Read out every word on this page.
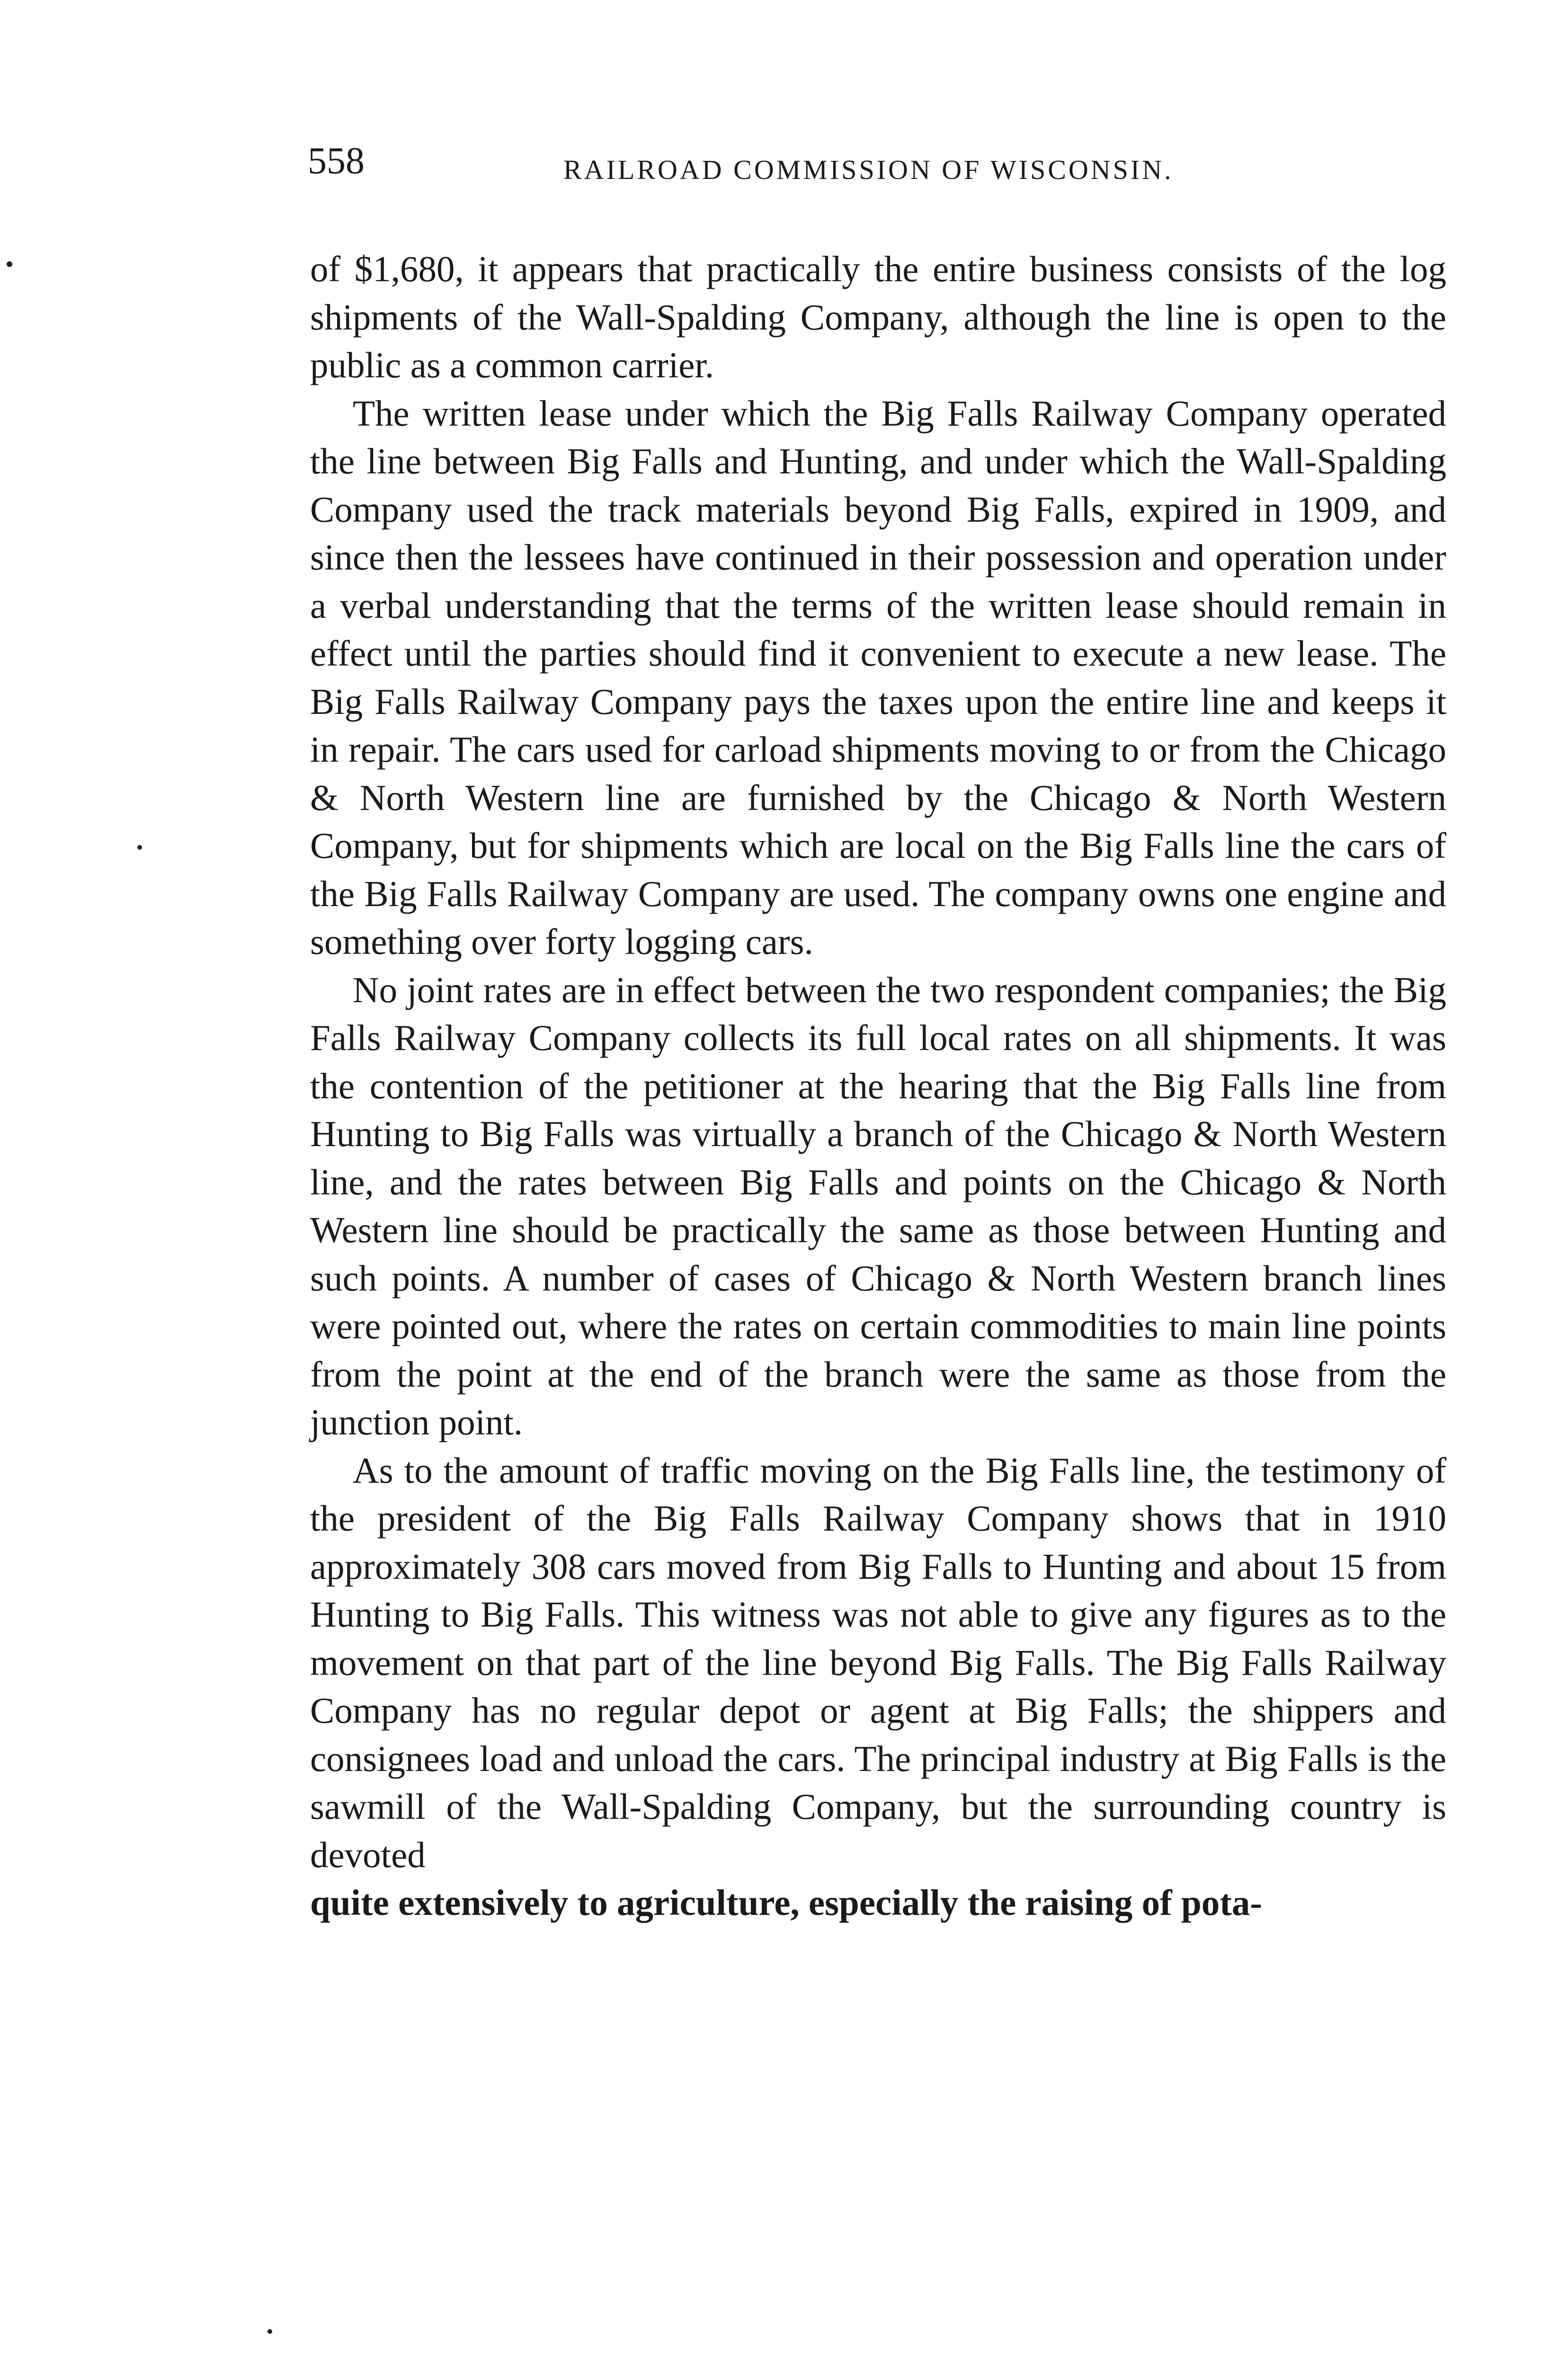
558	RAILROAD COMMISSION OF WISCONSIN.

of $1,680, it appears that practically the entire business consists of the log shipments of the Wall-Spalding Company, although the line is open to the public as a common carrier.

The written lease under which the Big Falls Railway Company operated the line between Big Falls and Hunting, and under which the Wall-Spalding Company used the track materials beyond Big Falls, expired in 1909, and since then the lessees have continued in their possession and operation under a verbal understanding that the terms of the written lease should remain in effect until the parties should find it convenient to execute a new lease. The Big Falls Railway Company pays the taxes upon the entire line and keeps it in repair. The cars used for carload shipments moving to or from the Chicago & North Western line are furnished by the Chicago & North Western Company, but for shipments which are local on the Big Falls line the cars of the Big Falls Railway Company are used. The company owns one engine and something over forty logging cars.

No joint rates are in effect between the two respondent companies; the Big Falls Railway Company collects its full local rates on all shipments. It was the contention of the petitioner at the hearing that the Big Falls line from Hunting to Big Falls was virtually a branch of the Chicago & North Western line, and the rates between Big Falls and points on the Chicago & North Western line should be practically the same as those between Hunting and such points. A number of cases of Chicago & North Western branch lines were pointed out, where the rates on certain commodities to main line points from the point at the end of the branch were the same as those from the junction point.

As to the amount of traffic moving on the Big Falls line, the testimony of the president of the Big Falls Railway Company shows that in 1910 approximately 308 cars moved from Big Falls to Hunting and about 15 from Hunting to Big Falls. This witness was not able to give any figures as to the movement on that part of the line beyond Big Falls. The Big Falls Railway Company has no regular depot or agent at Big Falls; the shippers and consignees load and unload the cars. The principal industry at Big Falls is the sawmill of the Wall-Spalding Company, but the surrounding country is devoted

quite extensively to agriculture, especially the raising of pota-
